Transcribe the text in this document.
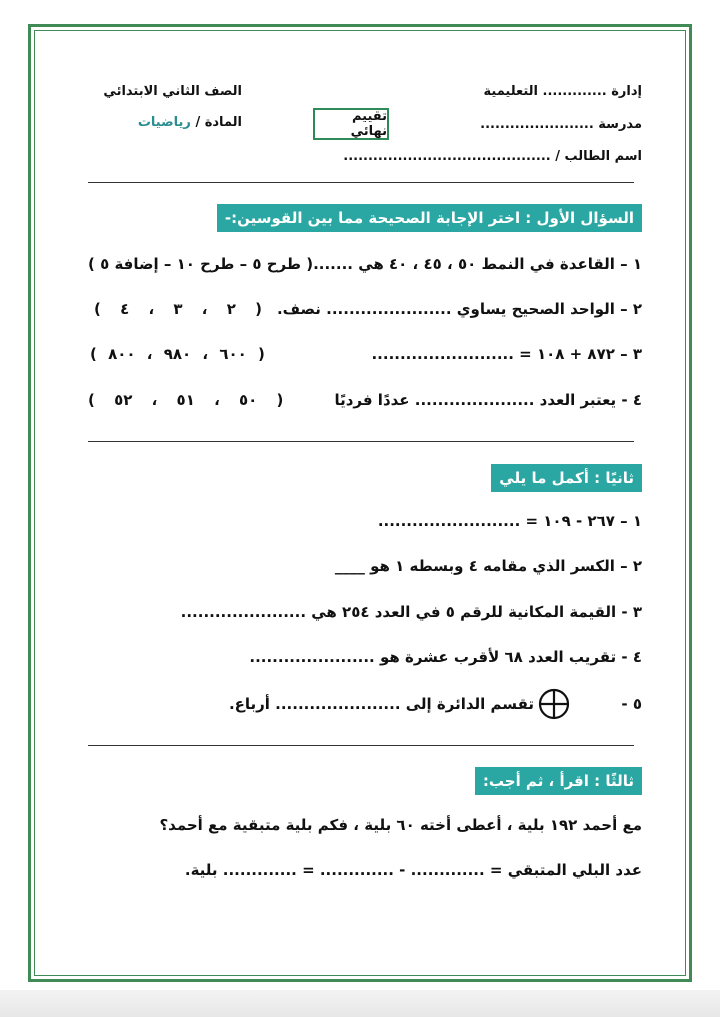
إدارة ............. التعليمية
مدرسة .......................
اسم الطالب / ..........................................
الصف الثاني الابتدائي
المادة / رياضيات	تقييم نهائي
السؤال الأول : اختر الإجابة الصحيحة مما بين القوسين:-
١ – القاعدة في النمط ٥٠ ، ٤٥ ، ٤٠ هي .......
( طرح ٥ – طرح ١٠ – إضافة ٥ )
٢ – الواحد الصحيح يساوي ...................... نصف.
( ٢ ، ٣ ، ٤ )
٣ – ٨٧٢ + ١٠٨ = .........................
( ٦٠٠ ، ٩٨٠ ، ٨٠٠ )
٤ - يعتبر العدد ..................... عددًا فرديًا
( ٥٠ ، ٥١ ، ٥٢ )
ثانيًا : أكمل ما يلي
١ – ٢٦٧ - ١٠٩ = .........................
٢ – الكسر الذي مقامه ٤ وبسطه ١ هو ____
٣ - القيمة المكانية للرقم ٥ في العدد ٢٥٤ هي ......................
٤ - تقريب العدد ٦٨ لأقرب عشرة هو ......................
٥ -
تقسم الدائرة إلى ...................... أرباع.
ثالثًا : اقرأ ، ثم أجب:
مع أحمد ١٩٢ بلية ، أعطى أخته ٦٠ بلية ، فكم بلية متبقية مع أحمد؟
عدد البلي المتبقي = ............. - ............. = ............. بلية.
